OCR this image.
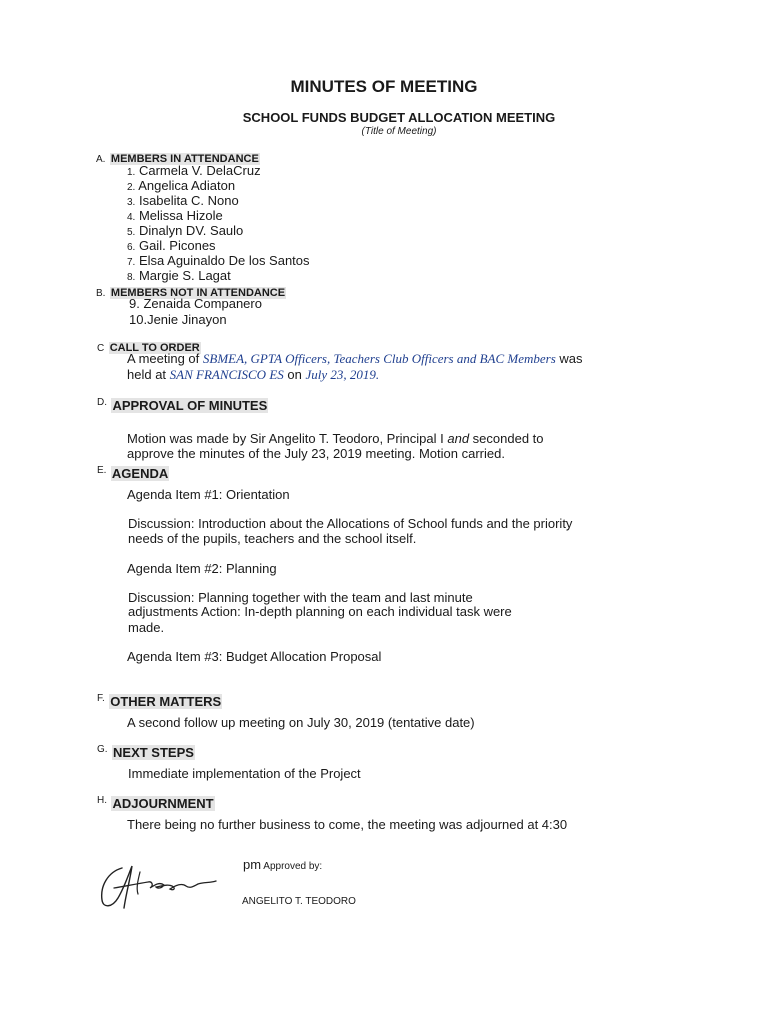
MINUTES OF MEETING
SCHOOL FUNDS BUDGET ALLOCATION MEETING
(Title of Meeting)
A. MEMBERS IN ATTENDANCE
1. Carmela V. DelaCruz
2. Angelica Adiaton
3. Isabelita C. Nono
4. Melissa Hizole
5. Dinalyn DV. Saulo
6. Gail. Picones
7. Elsa Aguinaldo De los Santos
8. Margie S. Lagat
B. MEMBERS NOT IN ATTENDANCE
9. Zenaida Companero
10.Jenie Jinayon
C CALL TO ORDER
A meeting of SBMEA, GPTA Officers, Teachers Club Officers and BAC Members was
held at SAN FRANCISCO ES on July 23, 2019.
$^{D.}$ APPROVAL OF MINUTES
Motion was made by Sir Angelito T. Teodoro, Principal I and seconded to
approve the minutes of the July 23, 2019 meeting. Motion carried.
$^{E.}$ AGENDA
Agenda Item #1: Orientation
Discussion: Introduction about the Allocations of School funds and the priority
needs of the pupils, teachers and the school itself.
Agenda Item #2: Planning
Discussion: Planning together with the team and last minute
adjustments Action: In-depth planning on each individual task were
made.
Agenda Item #3: Budget Allocation Proposal
$^{F.}$ OTHER MATTERS
A second follow up meeting on July 30, 2019 (tentative date)
$^{G.}$ NEXT STEPS
Immediate implementation of the Project
$^{H.}$ ADJOURNMENT
There being no further business to come, the meeting was adjourned at 4:30
pm Approved by:
ANGELITO T. TEODORO
